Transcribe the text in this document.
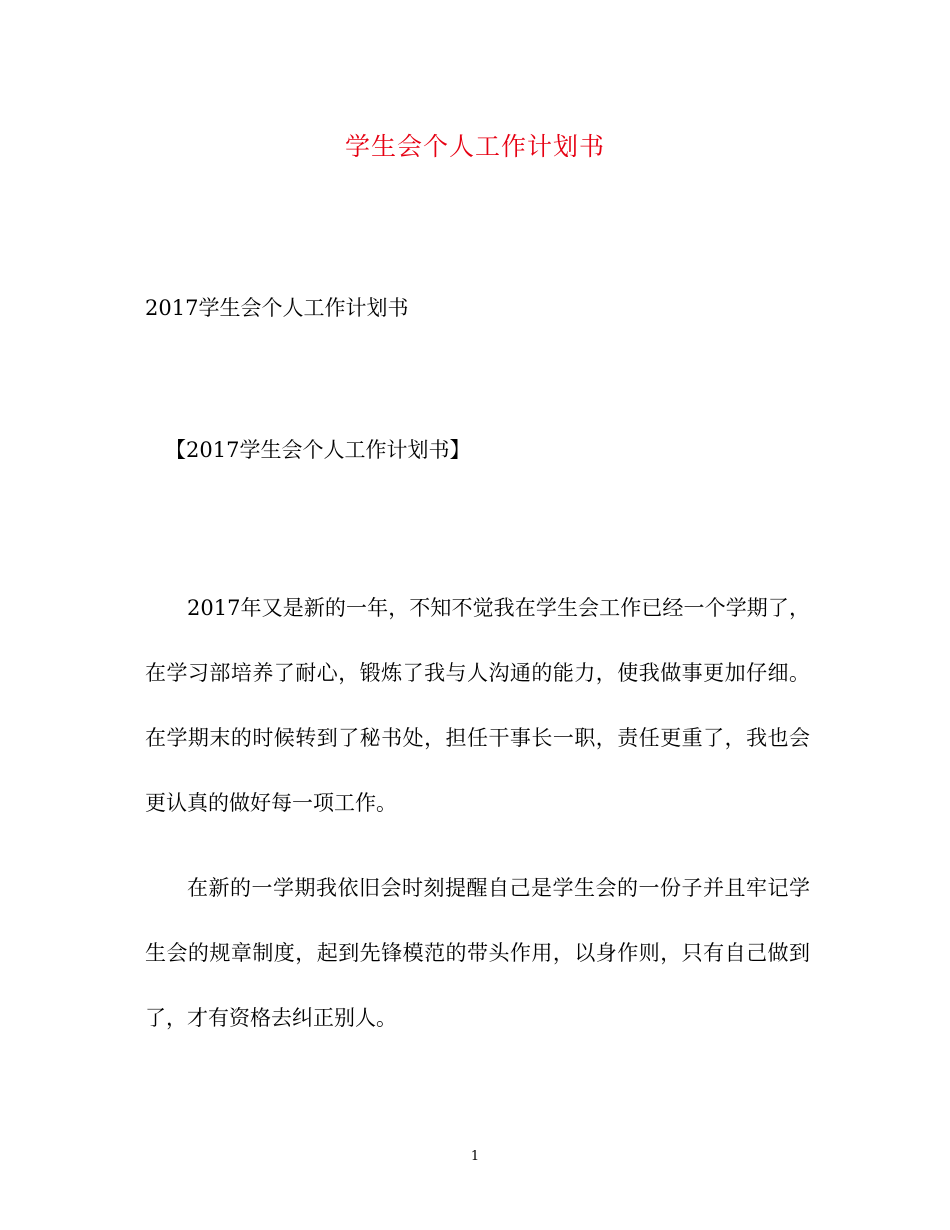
学生会个人工作计划书
2017学生会个人工作计划书
【2017学生会个人工作计划书】

2017年又是新的一年，不知不觉我在学生会工作已经一个学期了，在学习部培养了耐心，锻炼了我与人沟通的能力，使我做事更加仔细。在学期末的时候转到了秘书处，担任干事长一职，责任更重了，我也会更认真的做好每一项工作。

在新的一学期我依旧会时刻提醒自己是学生会的一份子并且牢记学生会的规章制度，起到先锋模范的带头作用，以身作则，只有自己做到了，才有资格去纠正别人。

1
